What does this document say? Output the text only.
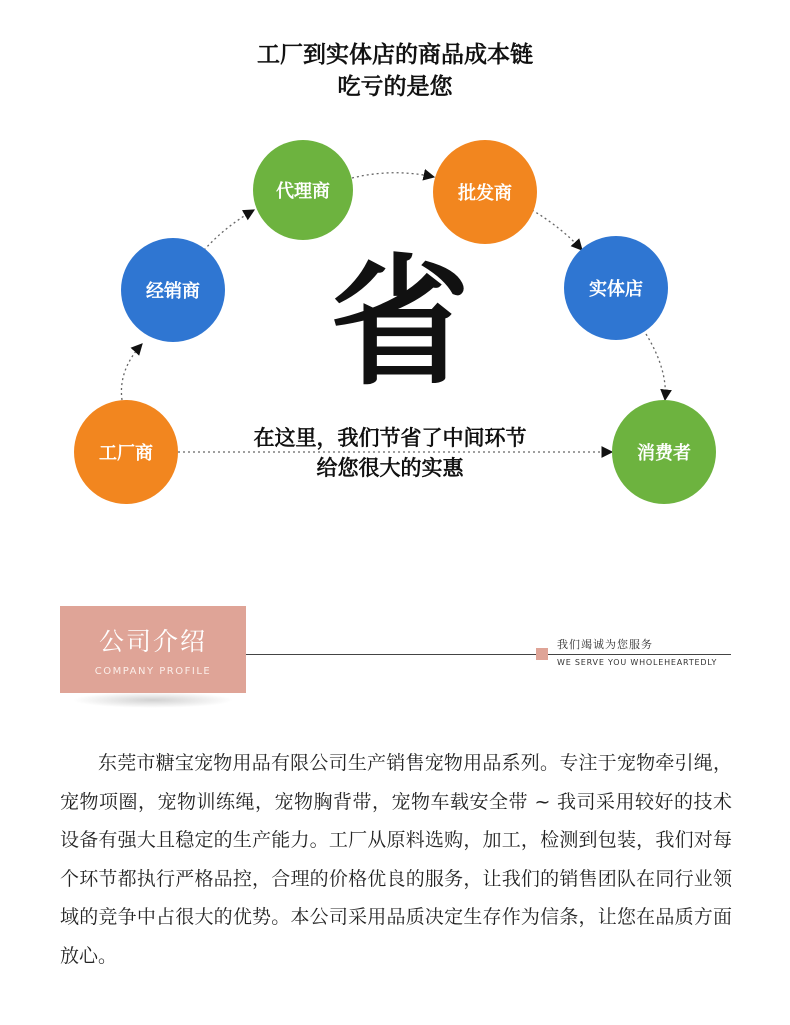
工厂到实体店的商品成本链
吃亏的是您
工厂商
经销商
代理商	批发商
实体店
消费者
省
在这里，我们节省了中间环节
给您很大的实惠
公司介绍
COMPANY PROFILE
我们竭诚为您服务
WE SERVE YOU WHOLEHEARTEDLY

东莞市糖宝宠物用品有限公司生产销售宠物用品系列。专注于宠物牵引绳，宠物项圈，宠物训练绳，宠物胸背带，宠物车载安全带 ~ 我司采用较好的技术设备有强大且稳定的生产能力。工厂从原料选购，加工，检测到包装，我们对每个环节都执行严格品控，合理的价格优良的服务，让我们的销售团队在同行业领域的竞争中占很大的优势。本公司采用品质决定生存作为信条，让您在品质方面放心。
